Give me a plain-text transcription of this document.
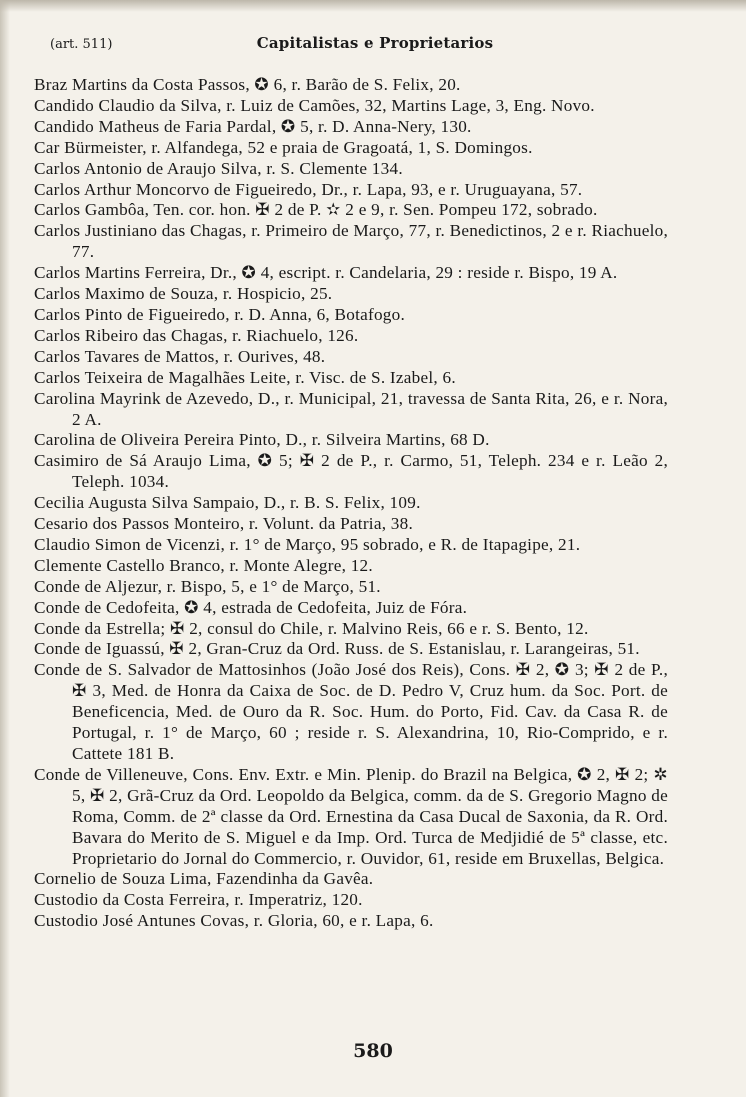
(art. 511)	Capitalistas e Proprietarios

Braz Martins da Costa Passos, ✪ 6, r. Barão de S. Felix, 20.

Candido Claudio da Silva, r. Luiz de Camões, 32, Martins Lage, 3, Eng. Novo.

Candido Matheus de Faria Pardal, ✪ 5, r. D. Anna-Nery, 130.

Car Bürmeister, r. Alfandega, 52 e praia de Gragoatá, 1, S. Domingos.

Carlos Antonio de Araujo Silva, r. S. Clemente 134.

Carlos Arthur Moncorvo de Figueiredo, Dr., r. Lapa, 93, e r. Uruguayana, 57.

Carlos Gambôa, Ten. cor. hon. ✠ 2 de P. ✫ 2 e 9, r. Sen. Pompeu 172, sobrado.

Carlos Justiniano das Chagas, r. Primeiro de Março, 77, r. Benedictinos, 2 e r. Riachuelo, 77.

Carlos Martins Ferreira, Dr., ✪ 4, escript. r. Candelaria, 29 : reside r. Bispo, 19 A.

Carlos Maximo de Souza, r. Hospicio, 25.

Carlos Pinto de Figueiredo, r. D. Anna, 6, Botafogo.

Carlos Ribeiro das Chagas, r. Riachuelo, 126.

Carlos Tavares de Mattos, r. Ourives, 48.

Carlos Teixeira de Magalhães Leite, r. Visc. de S. Izabel, 6.

Carolina Mayrink de Azevedo, D., r. Municipal, 21, travessa de Santa Rita, 26, e r. Nora, 2 A.

Carolina de Oliveira Pereira Pinto, D., r. Silveira Martins, 68 D.

Casimiro de Sá Araujo Lima, ✪ 5; ✠ 2 de P., r. Carmo, 51, Teleph. 234 e r. Leão 2, Teleph. 1034.

Cecilia Augusta Silva Sampaio, D., r. B. S. Felix, 109.

Cesario dos Passos Monteiro, r. Volunt. da Patria, 38.

Claudio Simon de Vicenzi, r. 1° de Março, 95 sobrado, e R. de Itapagipe, 21.

Clemente Castello Branco, r. Monte Alegre, 12.

Conde de Aljezur, r. Bispo, 5, e 1° de Março, 51.

Conde de Cedofeita, ✪ 4, estrada de Cedofeita, Juiz de Fóra.

Conde da Estrella; ✠ 2, consul do Chile, r. Malvino Reis, 66 e r. S. Bento, 12.

Conde de Iguassú, ✠ 2, Gran-Cruz da Ord. Russ. de S. Estanislau, r. Larangeiras, 51.

Conde de S. Salvador de Mattosinhos (João José dos Reis), Cons. ✠ 2, ✪ 3; ✠ 2 de P., ✠ 3, Med. de Honra da Caixa de Soc. de D. Pedro V, Cruz hum. da Soc. Port. de Beneficencia, Med. de Ouro da R. Soc. Hum. do Porto, Fid. Cav. da Casa R. de Portugal, r. 1° de Março, 60 ; reside r. S. Alexandrina, 10, Rio-Comprido, e r. Cattete 181 B.

Conde de Villeneuve, Cons. Env. Extr. e Min. Plenip. do Brazil na Belgica, ✪ 2, ✠ 2; ✲ 5, ✠ 2, Grã-Cruz da Ord. Leopoldo da Belgica, comm. da de S. Gregorio Magno de Roma, Comm. de 2ª classe da Ord. Ernestina da Casa Ducal de Saxonia, da R. Ord. Bavara do Merito de S. Miguel e da Imp. Ord. Turca de Medjidié de 5ª classe, etc. Proprietario do Jornal do Commercio, r. Ouvidor, 61, reside em Bruxellas, Belgica.

Cornelio de Souza Lima, Fazendinha da Gavêa.

Custodio da Costa Ferreira, r. Imperatriz, 120.

Custodio José Antunes Covas, r. Gloria, 60, e r. Lapa, 6.

580
